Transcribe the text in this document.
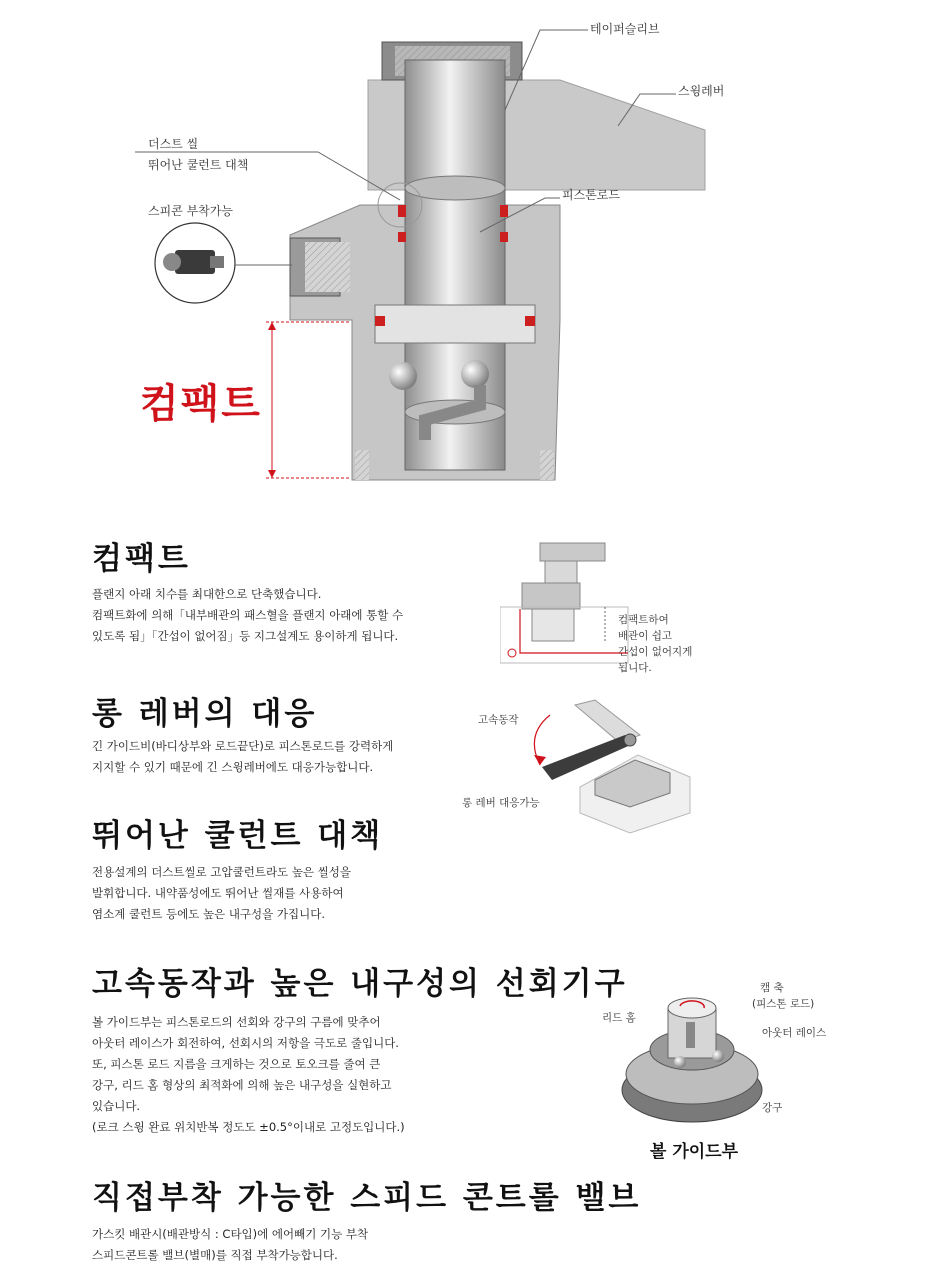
테이퍼슬리브
스윙레버
더스트 씰
뛰어난 쿨런트 대책
스피콘 부착가능
피스톤로드
컴팩트
컴팩트
플랜지 아래 치수를 최대한으로 단축했습니다.
컴팩트화에 의해「내부배관의 패스혈을 플랜지 아래에 통할 수
있도록 됨」「간섭이 없어짐」등 지그설계도 용이하게 됩니다.
컴팩트하여
배관이 쉽고
간섭이 없어지게
됩니다.
롱 레버의 대응
긴 가이드비(바디상부와 로드끝단)로 피스톤로드를 강력하게
지지할 수 있기 때문에 긴 스윙레버에도 대응가능합니다.
고속동작
롱 레버 대응가능
뛰어난 쿨런트 대책
전용설계의 더스트씰로 고압쿨런트라도 높은 씰성을
발휘합니다. 내약품성에도 뛰어난 씰재를 사용하여
염소계 쿨런트 등에도 높은 내구성을 가집니다.
고속동작과 높은 내구성의 선회기구
볼 가이드부는 피스톤로드의 선회와 강구의 구름에 맞추어
아웃터 레이스가 회전하여, 선회시의 저항을 극도로 줄입니다.
또, 피스톤 로드 지름을 크게하는 것으로 토오크를 줄여 큰
강구, 리드 홈 형상의 최적화에 의해 높은 내구성을 실현하고
있습니다.
(로크 스윙 완료 위치반복 정도도 ±0.5°이내로 고정도입니다.)
캠 축
(피스톤 로드)
리드 홈
아웃터 레이스
강구
볼 가이드부
직접부착 가능한 스피드 콘트롤 밸브
가스킷 배관시(배관방식 : C타입)에 에어빼기 기능 부착
스피드콘트롤 밸브(별매)를 직접 부착가능합니다.
